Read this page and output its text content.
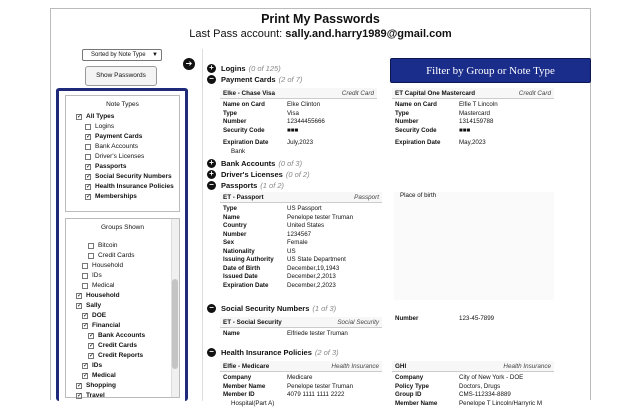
Print My Passwords
Last Pass account: sally.and.harry1989@gmail.com
Sorted by Note Type ▼
Show Passwords
Note Types
✓ All Types
Logins
✓ Payment Cards
Bank Accounts
Driver's Licenses
✓ Passports
✓ Social Security Numbers
✓ Health Insurance Policies
✓ Memberships
Groups Shown
Bitcoin
Credit Cards
Household
IDs
Medical
✓ Household
✓ Sally
✓ DOE
✓ Financial
✓ Bank Accounts
✓ Credit Cards
✓ Credit Reports
✓ IDs
✓ Medical
✓ Shopping
✓ Travel
➔	+ Logins (0 of 125)
− Payment Cards (2 of 7)
Elke - Chase Visa	Credit Card
Name on Card	Elke Clinton
Type	Visa
Number	12344455666
Security Code	■■■
Expiration Date	July,2023
Bank
ET Capital One Mastercard	Credit Card
Name on Card	Elfie T Lincoln
Type	Mastercard
Number	13141​59788
Security Code	■■■
Expiration Date	May,2023
+ Bank Accounts (0 of 3)
+ Driver's Licenses (0 of 2)
− Passports (1 of 2)
ET - Passport	Passport
Type	US Passport
Name	Penelope tester Truman
Country	United States
Number	1234567
Sex	Female
Nationality	US
Issuing Authority	US State Department
Date of Birth	December,19,1943
Issued Date	December,2,2013
Expiration Date	December,2,2023
Place of birth
− Social Security Numbers (1 of 3)
ET - Social Security	Social Security
Name	Elfriede tester Truman
Number	123-45-7899
− Health Insurance Policies (2 of 3)
Elfie - Medicare	Health Insurance
Company	Medicare
Member Name	Penelope tester Truman
Member ID	4079 1111 1111 2222
Hospital(Part A)
GHI	Health Insurance
Company	City of New York - DOE
Policy Type	Doctors, Drugs
Group ID	CMS-112334-8889
Member Name	Penelope T Lincoln/Harryric M
Filter by Group or Note Type
